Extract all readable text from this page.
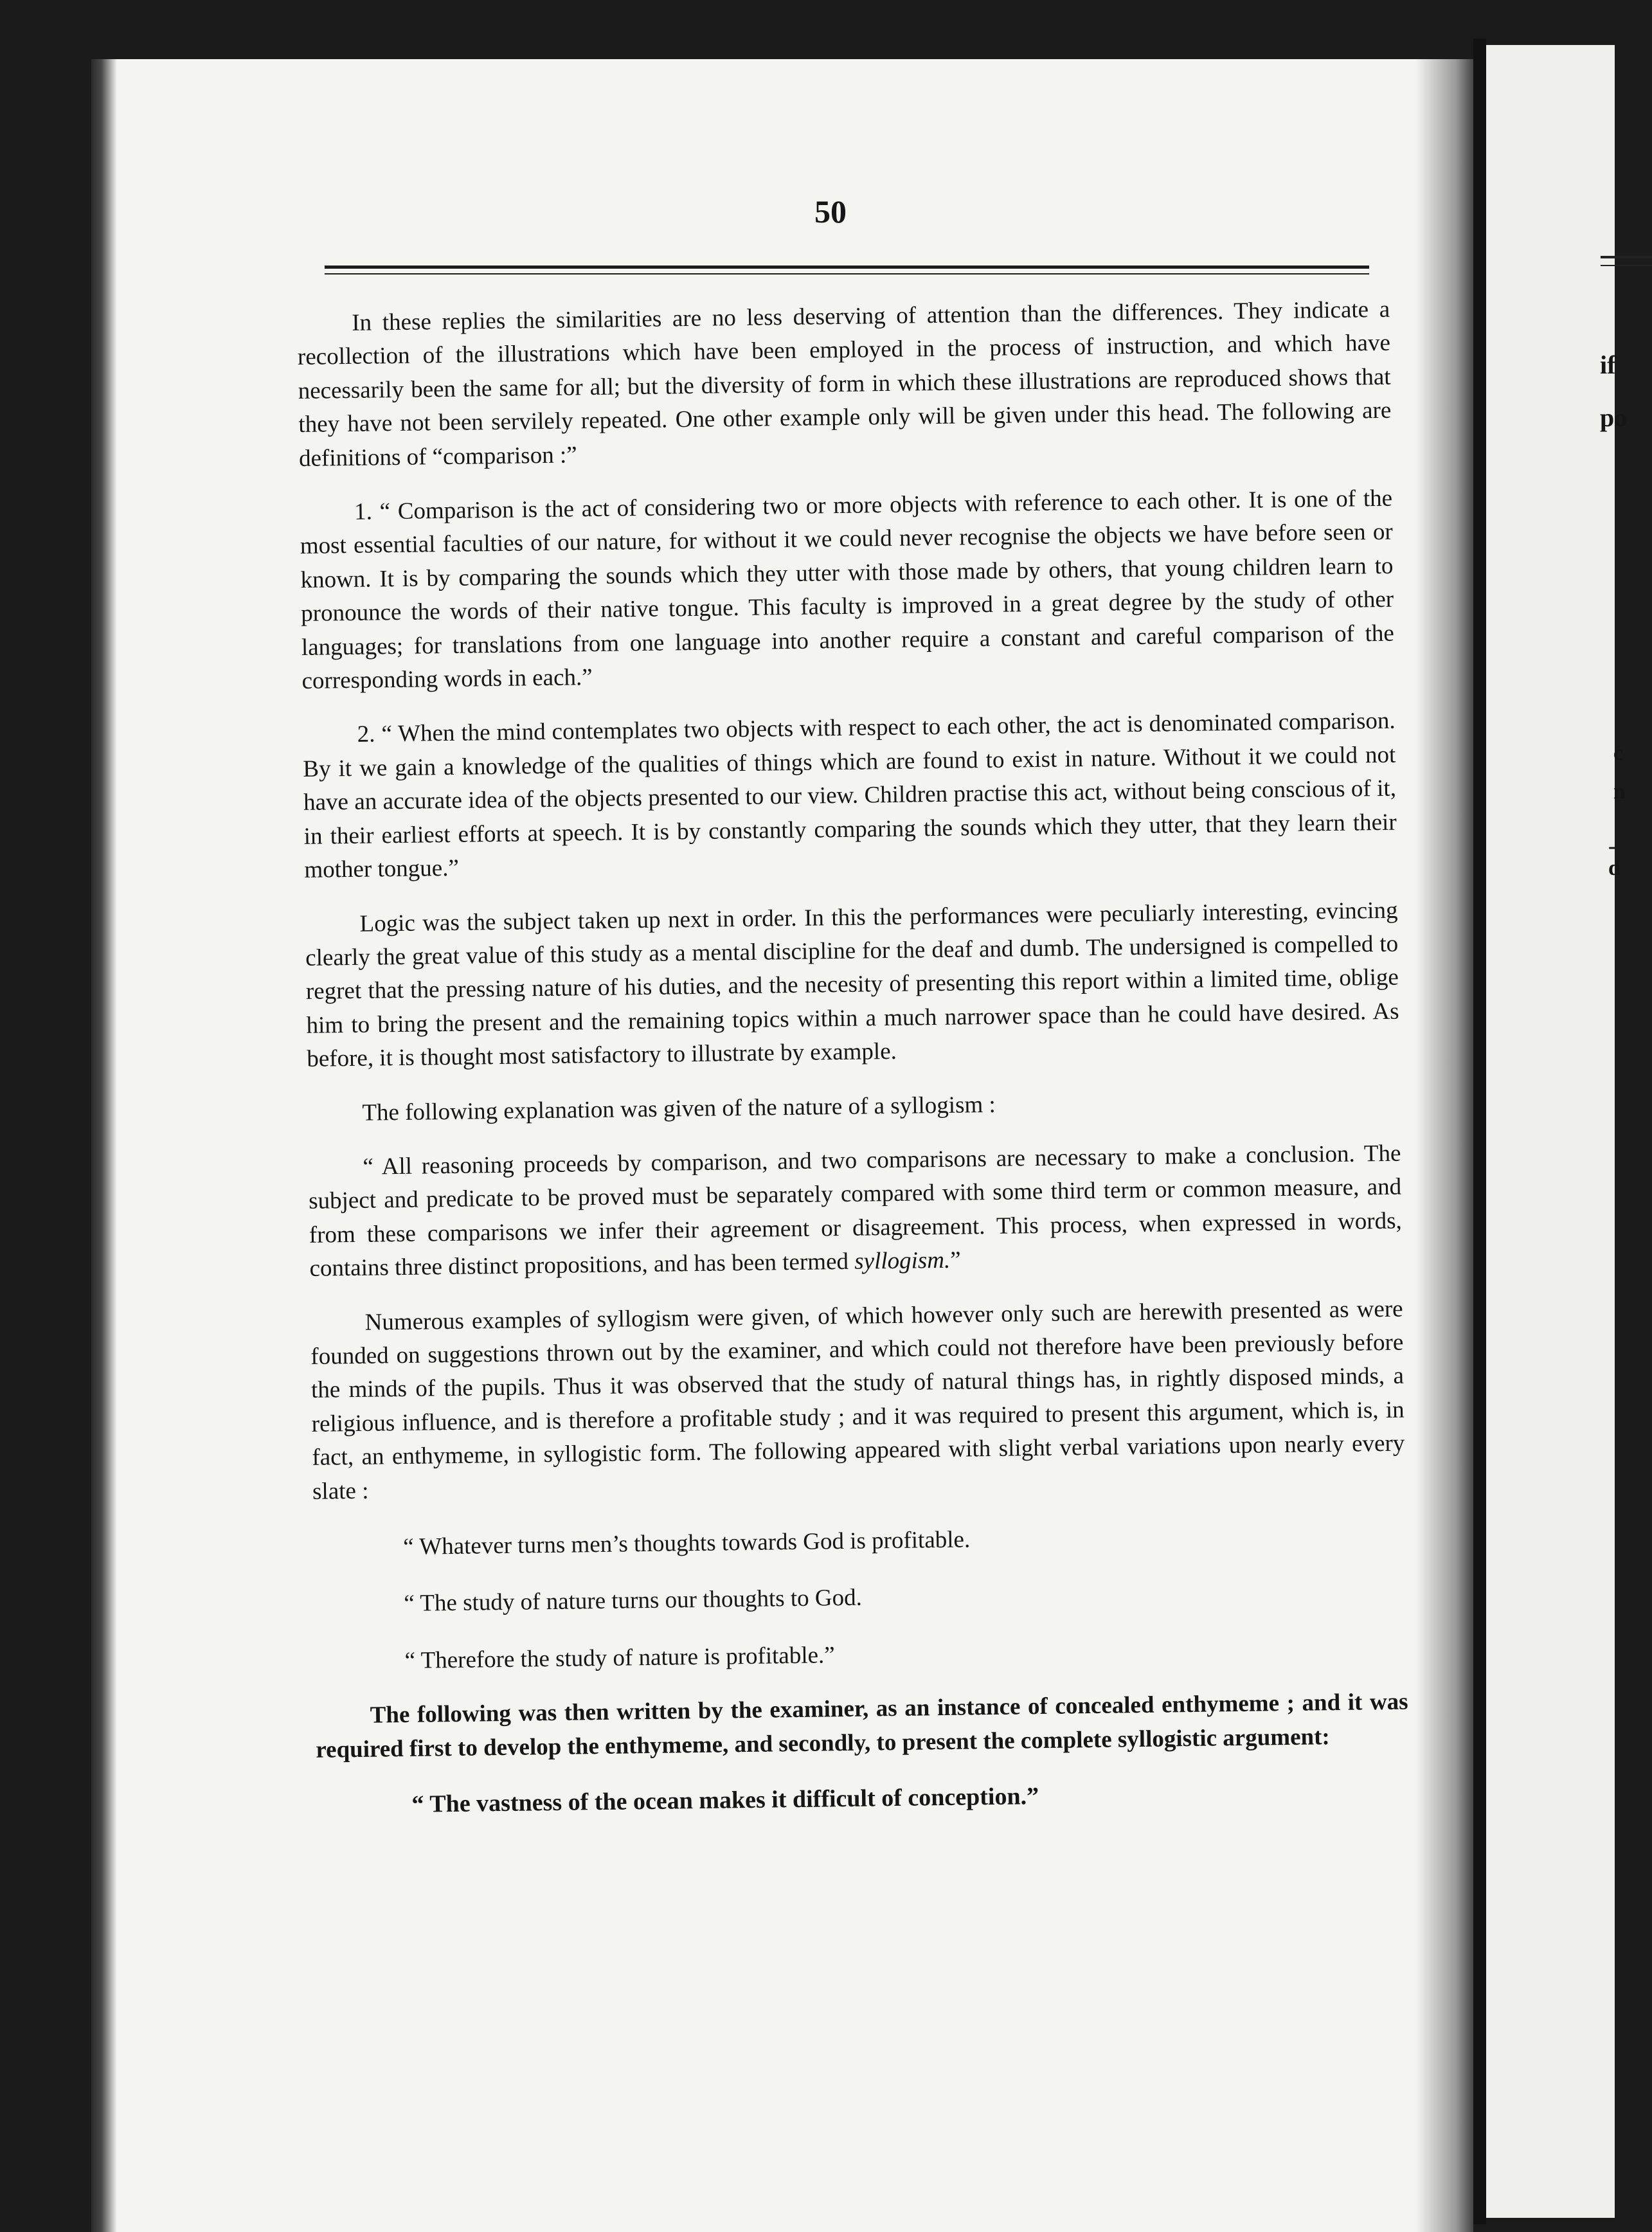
if
po
c
n
-d
50

In these replies the similarities are no less deserving of attention than the differences. They indicate a recollection of the illustrations which have been employed in the process of instruction, and which have necessarily been the same for all; but the diversity of form in which these illustrations are reproduced shows that they have not been servilely repeated. One other example only will be given under this head. The following are definitions of “comparison :”

1. “ Comparison is the act of considering two or more objects with reference to each other. It is one of the most essential faculties of our nature, for without it we could never recognise the objects we have before seen or known. It is by comparing the sounds which they utter with those made by others, that young children learn to pronounce the words of their native tongue. This faculty is improved in a great degree by the study of other languages; for translations from one language into another require a constant and careful comparison of the corresponding words in each.”

2. “ When the mind contemplates two objects with respect to each other, the act is denominated comparison. By it we gain a knowledge of the qualities of things which are found to exist in nature. Without it we could not have an accurate idea of the objects presented to our view. Children practise this act, without being conscious of it, in their earliest efforts at speech. It is by constantly comparing the sounds which they utter, that they learn their mother tongue.”

Logic was the subject taken up next in order. In this the performances were peculiarly interesting, evincing clearly the great value of this study as a mental discipline for the deaf and dumb. The undersigned is compelled to regret that the pressing nature of his duties, and the necesity of presenting this report within a limited time, oblige him to bring the present and the remaining topics within a much narrower space than he could have desired. As before, it is thought most satisfactory to illustrate by example.

The following explanation was given of the nature of a syllogism :

“ All reasoning proceeds by comparison, and two comparisons are necessary to make a conclusion. The subject and predicate to be proved must be separately compared with some third term or common measure, and from these comparisons we infer their agreement or disagreement. This process, when expressed in words, contains three distinct propositions, and has been termed syllogism.”

Numerous examples of syllogism were given, of which however only such are herewith presented as were founded on suggestions thrown out by the examiner, and which could not therefore have been previously before the minds of the pupils. Thus it was observed that the study of natural things has, in rightly disposed minds, a religious influence, and is therefore a profitable study ; and it was required to present this argument, which is, in fact, an enthymeme, in syllogistic form. The following appeared with slight verbal variations upon nearly every slate :

“ Whatever turns men’s thoughts towards God is profitable.

“ The study of nature turns our thoughts to God.

“ Therefore the study of nature is profitable.”

The following was then written by the examiner, as an instance of concealed enthymeme ; and it was required first to develop the enthymeme, and secondly, to present the complete syllogistic argument:

“ The vastness of the ocean makes it difficult of conception.”
